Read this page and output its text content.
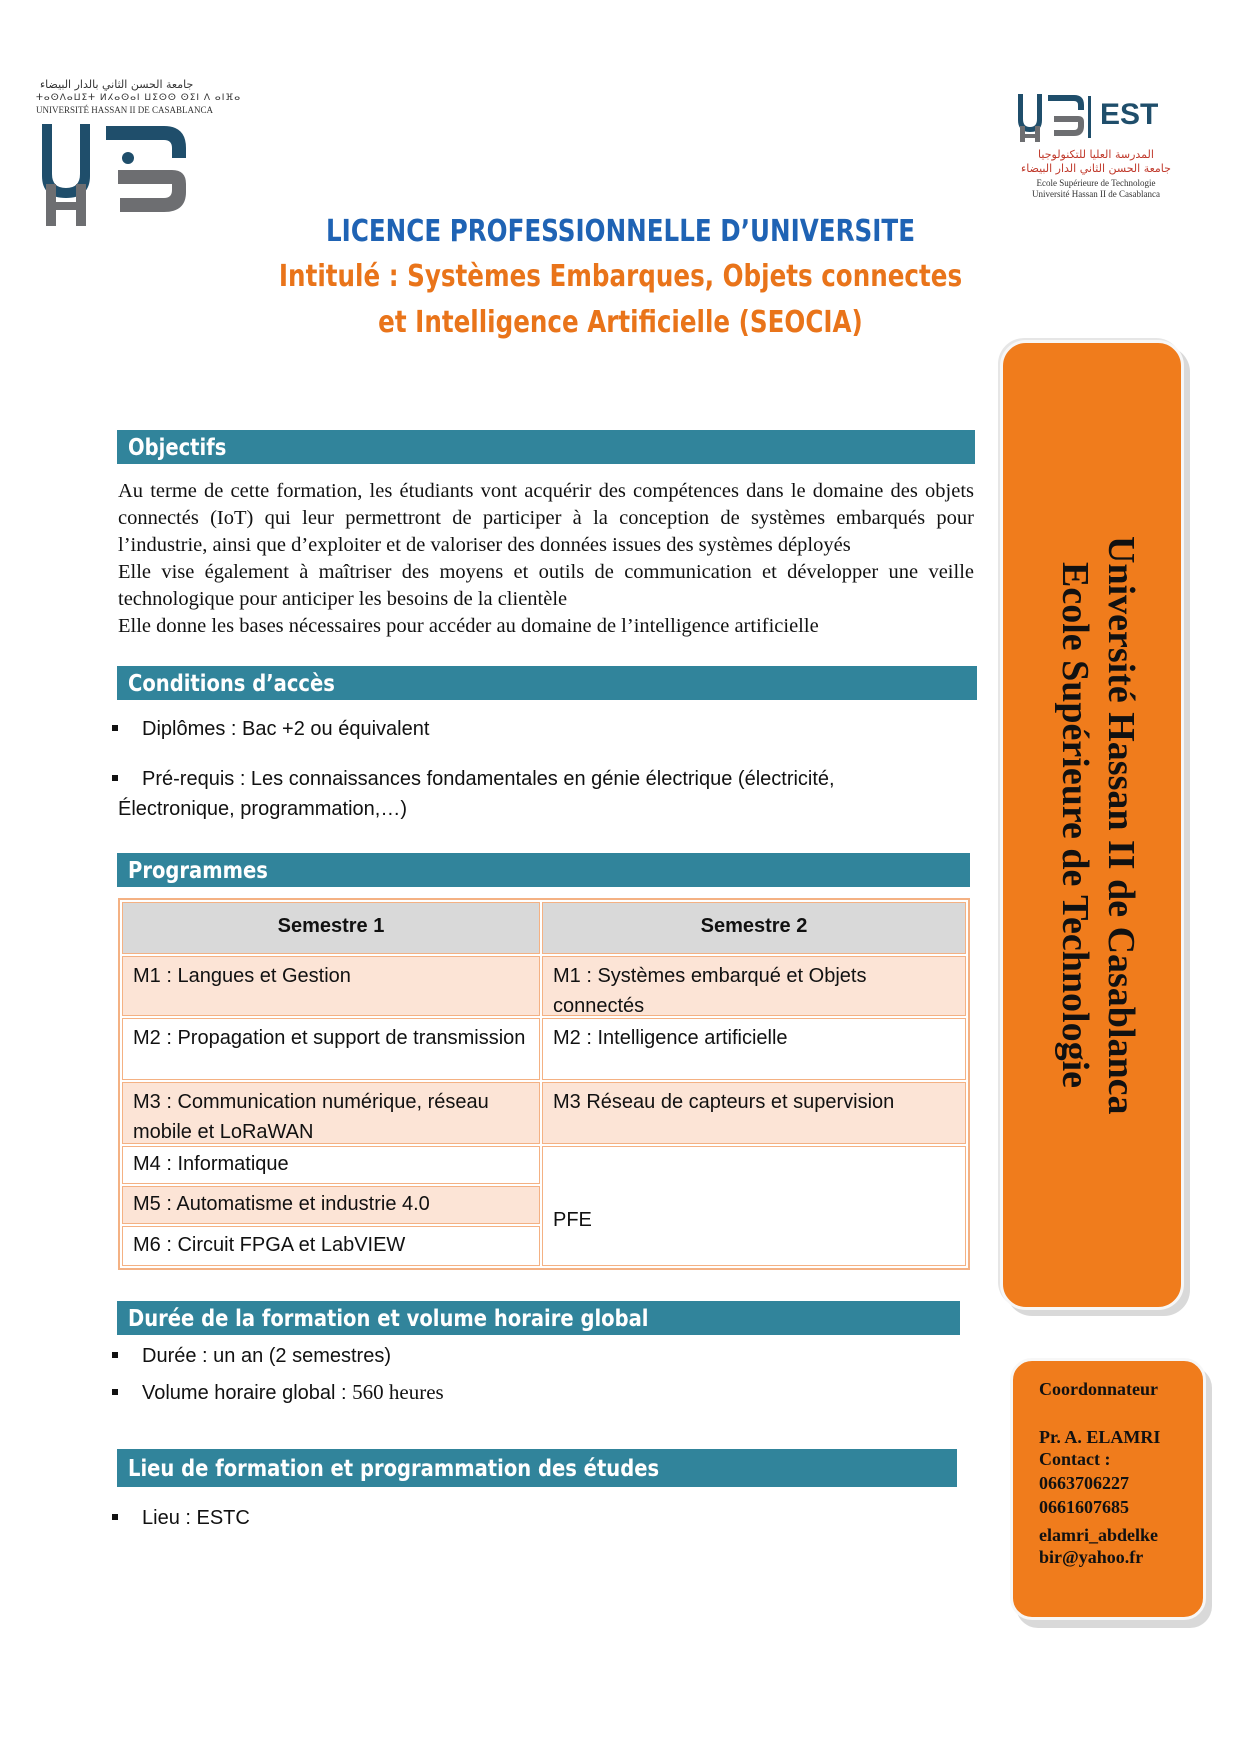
جامعة الحسن الثاني بالدار البيضاء
ⵜⴰⵙⴷⴰⵡⵉⵜ ⵍⵃⴰⵙⴰⵏ ⵡⵉⵙⵙ ⵙⵉⵏ ⴷ ⴰⵏⴼⴰ
UNIVERSITÉ HASSAN II DE CASABLANCA	EST
المدرسة العليا للتكنولوجيا
جامعة الحسن الثاني الدار البيضاء
Ecole Supérieure de Technologie
Université Hassan II de Casablanca
LICENCE PROFESSIONNELLE D’UNIVERSITE
Intitulé : Systèmes Embarques, Objets connectes
et Intelligence Artificielle (SEOCIA)
Objectifs

Au terme de cette formation, les étudiants vont acquérir des compétences dans le domaine des objets connectés (IoT) qui leur permettront de participer à la conception de systèmes embarqués pour l’industrie, ainsi que d’exploiter et de valoriser des données issues des systèmes déployés

Elle vise également à maîtriser des moyens et outils de communication et développer une veille technologique pour anticiper les besoins de la clientèle

Elle donne les bases nécessaires pour accéder au domaine de l’intelligence artificielle

Conditions d’accès
Diplômes : Bac +2 ou équivalent
Pré-requis : Les connaissances fondamentales en génie électrique (électricité,
Électronique, programmation,…)
Programmes
Semestre 1
M1 : Langues et Gestion
M2 : Propagation et support de transmission
M3 : Communication numérique, réseau mobile et LoRaWAN
M4 : Informatique
M5 : Automatisme et industrie 4.0
M6 : Circuit FPGA et LabVIEW
Semestre 2
M1 : Systèmes embarqué et Objets connectés
M2 : Intelligence artificielle
M3 Réseau de capteurs et supervision
PFE
Durée de la formation et volume horaire global
Durée : un an (2 semestres)
Volume horaire global : 560 heures
Lieu de formation et programmation des études
Lieu : ESTC
Université Hassan II de Casablanca
Ecole Supérieure de Technologie
Coordonnateur
Pr. A. ELAMRI
Contact :
0663706227
0661607685
elamri_abdelke
bir@yahoo.fr
